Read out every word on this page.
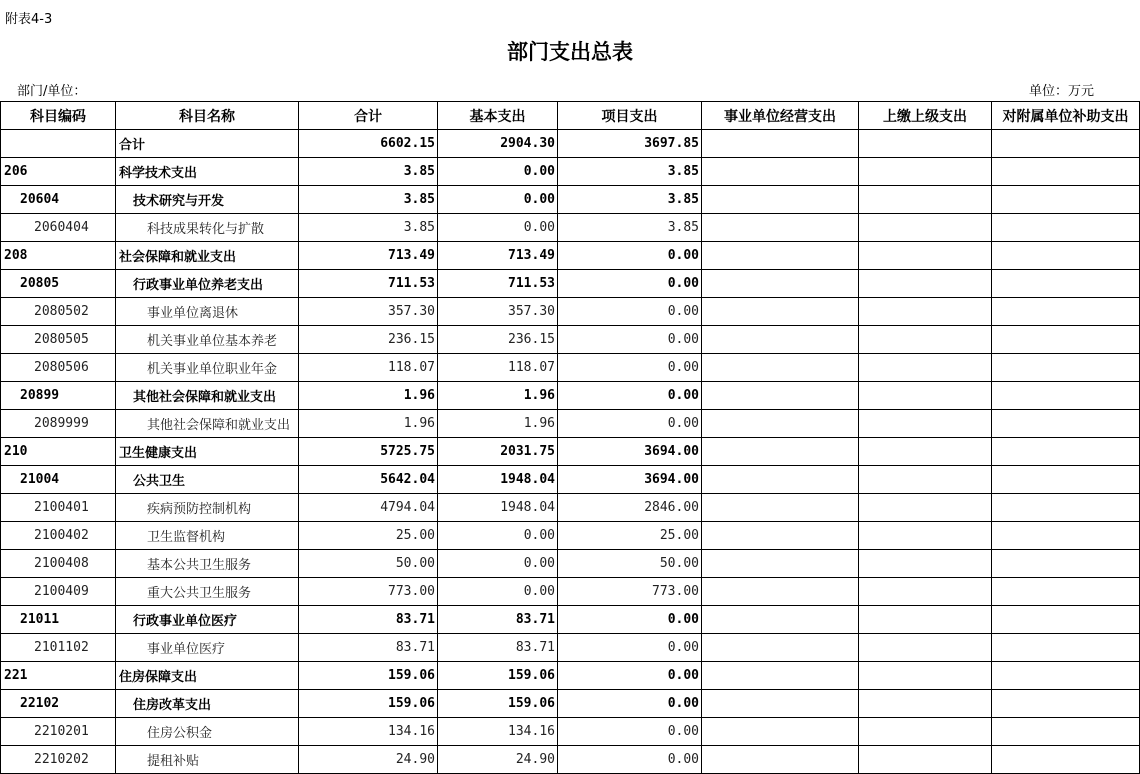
附表4-3
部门支出总表
部门/单位：	单位：万元
科目编码	科目名称	合计	基本支出	项目支出	事业单位经营支出	上缴上级支出	对附属单位补助支出
	合计	6602.15	2904.30	3697.85			
206	科学技术支出	3.85	0.00	3.85			
20604	技术研究与开发	3.85	0.00	3.85			
2060404	科技成果转化与扩散	3.85	0.00	3.85			
208	社会保障和就业支出	713.49	713.49	0.00			
20805	行政事业单位养老支出	711.53	711.53	0.00			
2080502	事业单位离退休	357.30	357.30	0.00			
2080505	机关事业单位基本养老	236.15	236.15	0.00			
2080506	机关事业单位职业年金	118.07	118.07	0.00			
20899	其他社会保障和就业支出	1.96	1.96	0.00			
2089999	其他社会保障和就业支出	1.96	1.96	0.00			
210	卫生健康支出	5725.75	2031.75	3694.00			
21004	公共卫生	5642.04	1948.04	3694.00			
2100401	疾病预防控制机构	4794.04	1948.04	2846.00			
2100402	卫生监督机构	25.00	0.00	25.00			
2100408	基本公共卫生服务	50.00	0.00	50.00			
2100409	重大公共卫生服务	773.00	0.00	773.00			
21011	行政事业单位医疗	83.71	83.71	0.00			
2101102	事业单位医疗	83.71	83.71	0.00			
221	住房保障支出	159.06	159.06	0.00			
22102	住房改革支出	159.06	159.06	0.00			
2210201	住房公积金	134.16	134.16	0.00			
2210202	提租补贴	24.90	24.90	0.00			
